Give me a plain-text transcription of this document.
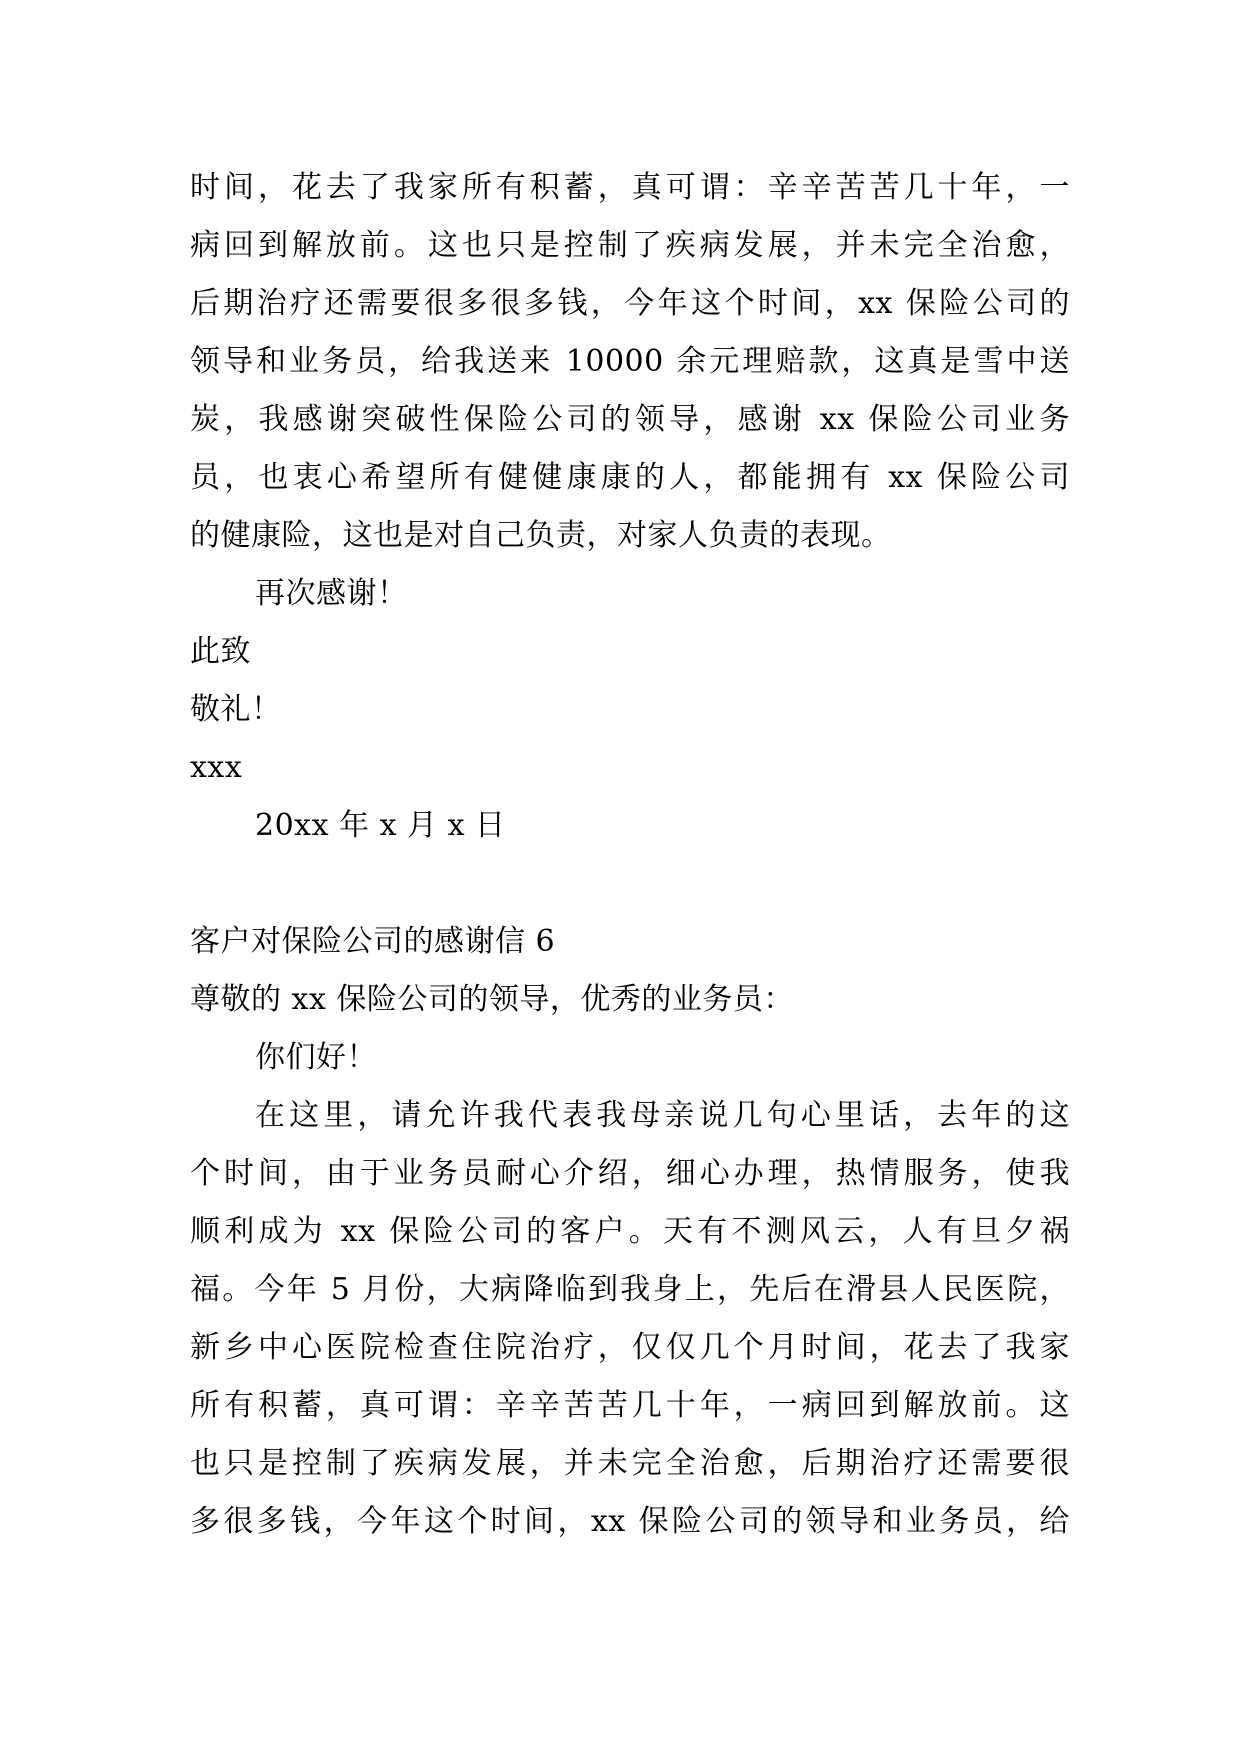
时间，花去了我家所有积蓄，真可谓：辛辛苦苦几十年，一
病回到解放前。这也只是控制了疾病发展，并未完全治愈，
后期治疗还需要很多很多钱，今年这个时间，xx 保险公司的
领导和业务员，给我送来 10000 余元理赔款，这真是雪中送
炭，我感谢突破性保险公司的领导，感谢 xx 保险公司业务
员，也衷心希望所有健健康康的人，都能拥有 xx 保险公司
的健康险，这也是对自己负责，对家人负责的表现。
再次感谢！
此致
敬礼！
xxx
20xx 年 x 月 x 日
客户对保险公司的感谢信 6
尊敬的 xx 保险公司的领导，优秀的业务员：
你们好！
在这里，请允许我代表我母亲说几句心里话，去年的这
个时间，由于业务员耐心介绍，细心办理，热情服务，使我
顺利成为 xx 保险公司的客户。天有不测风云，人有旦夕祸
福。今年 5 月份，大病降临到我身上，先后在滑县人民医院，
新乡中心医院检查住院治疗，仅仅几个月时间，花去了我家
所有积蓄，真可谓：辛辛苦苦几十年，一病回到解放前。这
也只是控制了疾病发展，并未完全治愈，后期治疗还需要很
多很多钱，今年这个时间，xx 保险公司的领导和业务员，给
